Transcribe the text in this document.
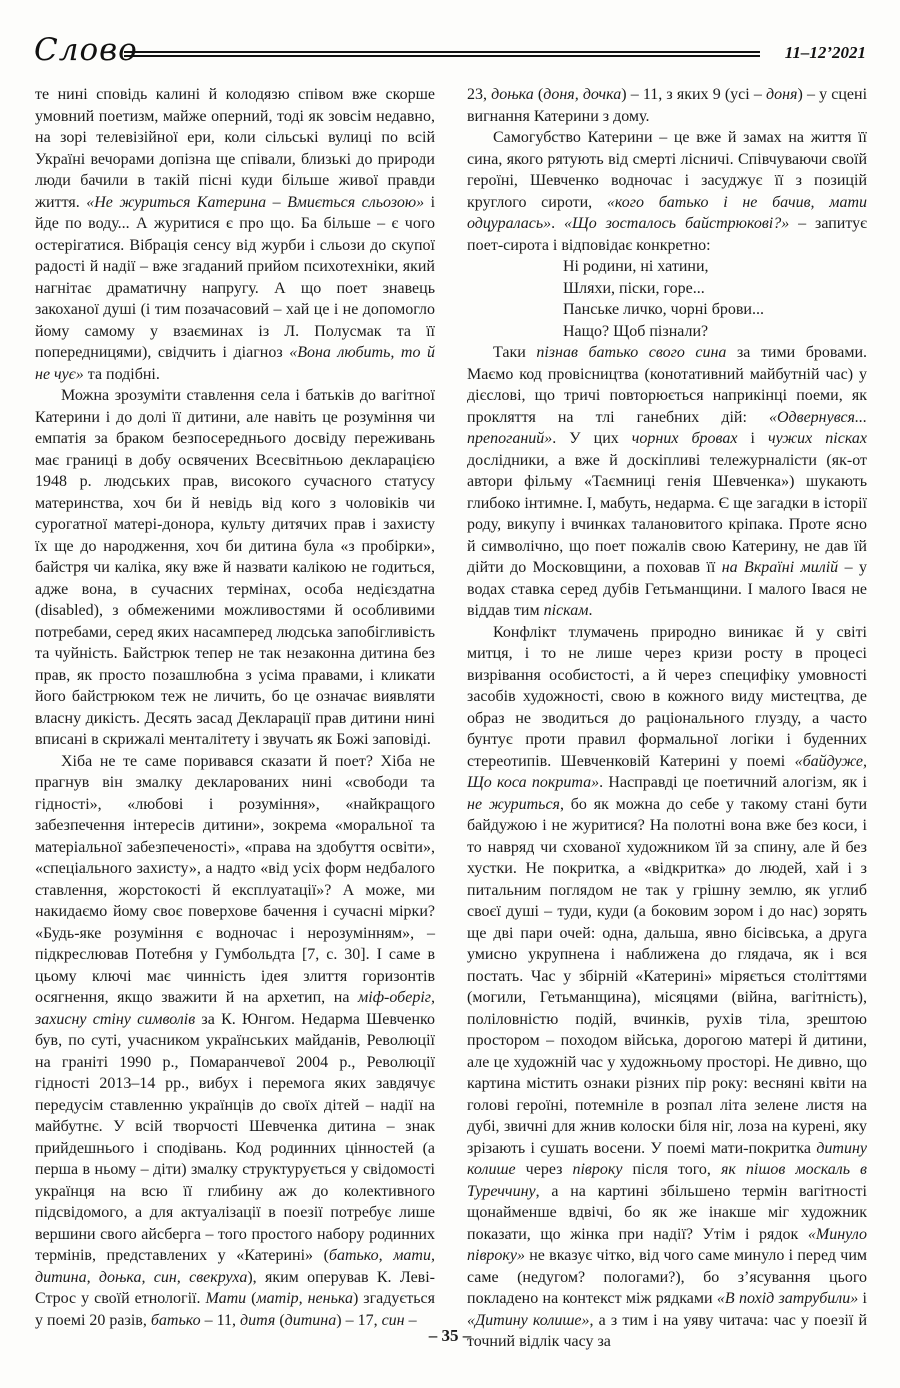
Слово	11–12’2021

те нині сповідь калині й колодязю співом вже скорше умовний поетизм, майже оперний, тоді як зовсім недавно, на зорі телевізійної ери, коли сільські вулиці по всій Україні вечорами допізна ще співали, близькі до природи люди бачили в такій пісні куди більше живої правди життя. «Не журиться Катерина – Вмиється сльозою» і йде по воду... А журитися є про що. Ба більше – є чого остерігатися. Вібрація сенсу від журби і сльози до скупої радості й надії – вже згаданий прийом психотехніки, який нагнітає драматичну напругу. А що поет знавець закоханої душі (і тим позачасовий – хай це і не допомогло йому самому у взаєминах із Л. Полусмак та її попередницями), свідчить і діагноз «Вона любить, то й не чує» та подібні.

Можна зрозуміти ставлення села і батьків до вагітної Катерини і до долі її дитини, але навіть це розуміння чи емпатія за браком безпосереднього досвіду переживань має границі в добу освячених Всесвітньою декларацією 1948 р. людських прав, високого сучасного статусу материнства, хоч би й невідь від кого з чоловіків чи сурогатної матері-донора, культу дитячих прав і захисту їх ще до народження, хоч би дитина була «з пробірки», байстря чи каліка, яку вже й назвати калікою не годиться, адже вона, в сучасних термінах, особа недієздатна (disabled), з обмеженими можливостями й особливими потребами, серед яких насамперед людська запобігливість та чуйність. Байстрюк тепер не так незаконна дитина без прав, як просто позашлюбна з усіма правами, і кликати його байстрюком теж не личить, бо це означає виявляти власну дикість. Десять засад Декларації прав дитини нині вписані в скрижалі менталітету і звучать як Божі заповіді.

Хіба не те саме поривався сказати й поет? Хіба не прагнув він змалку декларованих нині «свободи та гідності», «любові і розуміння», «найкращого забезпечення інтересів дитини», зокрема «моральної та матеріальної забезпеченості», «права на здобуття освіти», «спеціального захисту», а надто «від усіх форм недбалого ставлення, жорстокості й експлуатації»? А може, ми накидаємо йому своє поверхове бачення і сучасні мірки? «Будь-яке розуміння є водночас і нерозумінням», – підкреслював Потебня у Гумбольдта [7, с. 30]. І саме в цьому ключі має чинність ідея злиття горизонтів осягнення, якщо зважити й на архетип, на міф-оберіг, захисну стіну символів за К. Юнгом. Недарма Шевченко був, по суті, учасником українських майданів, Революції на граніті 1990 р., Помаранчевої 2004 р., Революції гідності 2013–14 рр., вибух і перемога яких завдячує передусім ставленню українців до своїх дітей – надії на майбутнє. У всій творчості Шевченка дитина – знак прийдешнього і сподівань. Код родинних цінностей (а перша в ньому – діти) змалку структурується у свідомості українця на всю її глибину аж до колективного підсвідомого, а для актуалізації в поезії потребує лише вершини свого айсберга – того простого набору родинних термінів, представлених у «Катерині» (батько, мати, дитина, доњка, син, свекруха), яким оперував К. Леві-Строс у своїй етнології. Мати (матір, ненька) згадується у поемі 20 разів, батько – 11, дитя (дитина) – 17, син –

23, доњка (доня, дочка) – 11, з яких 9 (усі – доня) – у сцені вигнання Катерини з дому.

Самогубство Катерини – це вже й замах на життя її сина, якого рятують від смерті лісничі. Співчуваючи своїй героїні, Шевченко водночас і засуджує її з позицій круглого сироти, «кого батько і не бачив, мати одцуралась». «Що зосталось байстрюкові?» – запитує поет-сирота і відповідає конкретно:

Ні родини, ні хатини,
Шляхи, піски, горе...
Панське личко, чорні брови...
Нащо? Щоб пізнали?

Таки пізнав батько свого сина за тими бровами. Маємо код провісництва (конотативний майбутній час) у дієслові, що тричі повторюється наприкінці поеми, як прокляття на тлі ганебних дій: «Одвернувся... препоганий». У цих чорних бровах і чужих пісках дослідники, а вже й доскіпливі тележурналісти (як-от автори фільму «Таємниці генія Шевченка») шукають глибоко інтимне. І, мабуть, недарма. Є ще загадки в історії роду, викупу і вчинках талановитого кріпака. Проте ясно й символічно, що поет пожалів свою Катерину, не дав їй дійти до Московщини, а поховав її на Вкраїні милій – у водах ставка серед дубів Гетьманщини. І малого Івася не віддав тим піскам.

Конфлікт тлумачень природно виникає й у світі митця, і то не лише через кризи росту в процесі визрівання особистості, а й через специфіку умовності засобів художності, свою в кожного виду мистецтва, де образ не зводиться до раціонального глузду, а часто бунтує проти правил формальної логіки і буденних стереотипів. Шевченковій Катерині у поемі «байдуже, Що коса покрита». Насправді це поетичний алогізм, як і не журиться, бо як можна до себе у такому стані бути байдужою і не журитися? На полотні вона вже без коси, і то навряд чи схованої художником їй за спину, але й без хустки. Не покритка, а «відкритка» до людей, хай і з питальним поглядом не так у грішну землю, як углиб своєї душі – туди, куди (а боковим зором і до нас) зорять ще дві пари очей: одна, дальша, явно бісівська, а друга умисно укрупнена і наближена до глядача, як і вся постать. Час у збірній «Катерині» міряється століттями (могили, Гетьманщина), місяцями (війна, вагітність), поліловністю подій, вчинків, рухів тіла, зрештою простором – походом війська, дорогою матері й дитини, але це художній час у художньому просторі. Не дивно, що картина містить ознаки різних пір року: весняні квіти на голові героїні, потемніле в розпал літа зелене листя на дубі, звичні для жнив колоски біля ніг, лоза на курені, яку зрізають і сушать восени. У поемі мати-покритка дитину колише через півроку після того, як пішов москаль в Туреччину, а на картині збільшено термін вагітності щонайменше вдвічі, бо як же інакше міг художник показати, що жінка при надії? Утім і рядок «Минуло півроку» не вказує чітко, від чого саме минуло і перед чим саме (недугом? пологами?), бо з’ясування цього покладено на контекст між рядками «В похід затрубили» і «Дитину колише», а з тим і на уяву читача: час у поезії й точний відлік часу за

– 35 –
